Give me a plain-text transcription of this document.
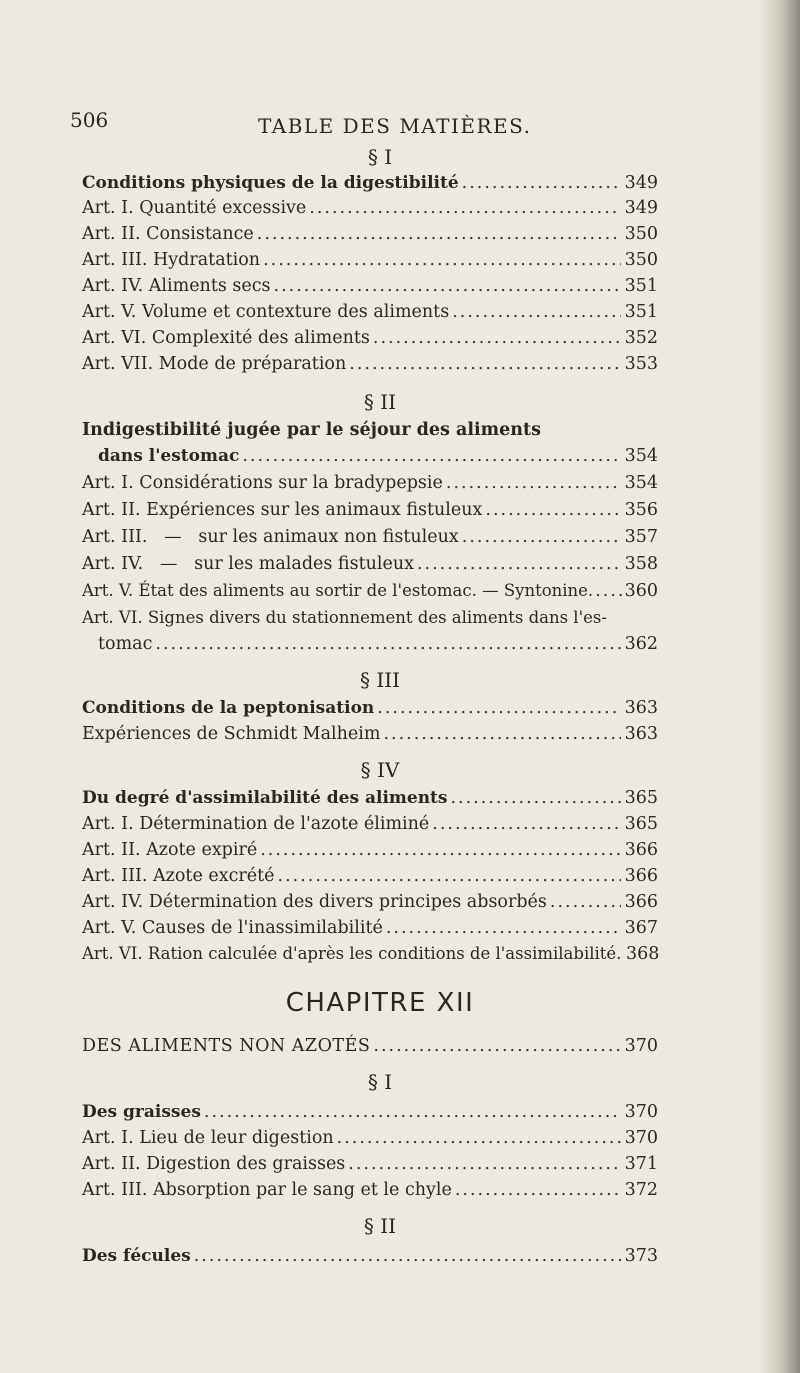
506	TABLE DES MATIÈRES.
§ I
Conditions physiques de la digestibilité .....	349
Art. I. Quantité excessive .....	349
Art. II. Consistance .....	350
Art. III. Hydratation .....	350
Art. IV. Aliments secs .....	351
Art. V. Volume et contexture des aliments .....	351
Art. VI. Complexité des aliments .....	352
Art. VII. Mode de préparation .....	353
§ II
Indigestibilité jugée par le séjour des aliments
dans l'estomac .....	354
Art. I. Considérations sur la bradypepsie .....	354
Art. II. Expériences sur les animaux fistuleux .....	356
Art. III.   —   sur les animaux non fistuleux .....	357
Art. IV.   —   sur les malades fistuleux .....	358
Art. V. État des aliments au sortir de l'estomac. — Syntonine. ..... 360
Art. VI. Signes divers du stationnement des aliments dans l'es-
tomac .....	362
§ III
Conditions de la peptonisation .....	363
Expériences de Schmidt Malheim .....	363
§ IV
Du degré d'assimilabilité des aliments .....	365
Art. I. Détermination de l'azote éliminé .....	365
Art. II. Azote expiré .....	366
Art. III. Azote excrété .....	366
Art. IV. Détermination des divers principes absorbés .....	366
Art. V. Causes de l'inassimilabilité .....	367
Art. VI. Ration calculée d'après les conditions de l'assimilabilité. 368
CHAPITRE XII
DES ALIMENTS NON AZOTÉS .....	370
§ I
Des graisses .....	370
Art. I. Lieu de leur digestion .....	370
Art. II. Digestion des graisses .....	371
Art. III. Absorption par le sang et le chyle .....	372
§ II
Des fécules .....	373
